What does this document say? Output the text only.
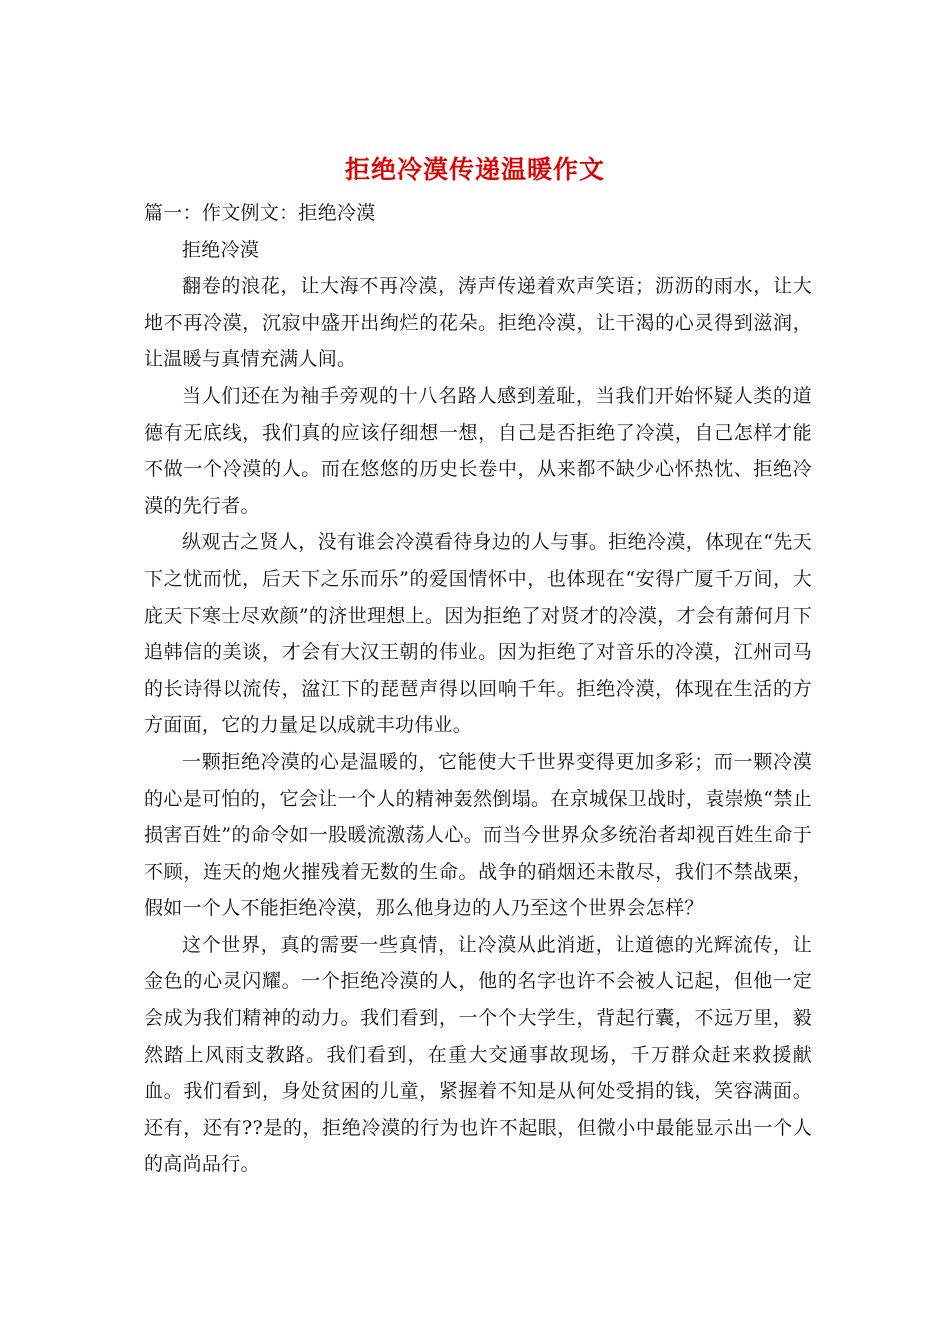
拒绝冷漠传递温暖作文
篇一：作文例文：拒绝冷漠
拒绝冷漠

翻卷的浪花，让大海不再冷漠，涛声传递着欢声笑语；沥沥的雨水，让大地不再冷漠，沉寂中盛开出绚烂的花朵。拒绝冷漠，让干渴的心灵得到滋润，让温暖与真情充满人间。

当人们还在为袖手旁观的十八名路人感到羞耻，当我们开始怀疑人类的道德有无底线，我们真的应该仔细想一想，自己是否拒绝了冷漠，自己怎样才能不做一个冷漠的人。而在悠悠的历史长卷中，从来都不缺少心怀热忱、拒绝冷漠的先行者。

纵观古之贤人，没有谁会冷漠看待身边的人与事。拒绝冷漠，体现在“先天下之忧而忧，后天下之乐而乐”的爱国情怀中，也体现在“安得广厦千万间，大庇天下寒士尽欢颜”的济世理想上。因为拒绝了对贤才的冷漠，才会有萧何月下追韩信的美谈，才会有大汉王朝的伟业。因为拒绝了对音乐的冷漠，江州司马的长诗得以流传，湓江下的琵琶声得以回响千年。拒绝冷漠，体现在生活的方方面面，它的力量足以成就丰功伟业。

一颗拒绝冷漠的心是温暖的，它能使大千世界变得更加多彩；而一颗冷漠的心是可怕的，它会让一个人的精神轰然倒塌。在京城保卫战时，袁崇焕“禁止损害百姓”的命令如一股暖流激荡人心。而当今世界众多统治者却视百姓生命于不顾，连天的炮火摧残着无数的生命。战争的硝烟还未散尽，我们不禁战栗，假如一个人不能拒绝冷漠，那么他身边的人乃至这个世界会怎样？

这个世界，真的需要一些真情，让冷漠从此消逝，让道德的光辉流传，让金色的心灵闪耀。一个拒绝冷漠的人，他的名字也许不会被人记起，但他一定会成为我们精神的动力。我们看到，一个个大学生，背起行囊，不远万里，毅然踏上风雨支教路。我们看到，在重大交通事故现场，千万群众赶来救援献血。我们看到，身处贫困的儿童，紧握着不知是从何处受捐的钱，笑容满面。还有，还有??是的，拒绝冷漠的行为也许不起眼，但微小中最能显示出一个人的高尚品行。
